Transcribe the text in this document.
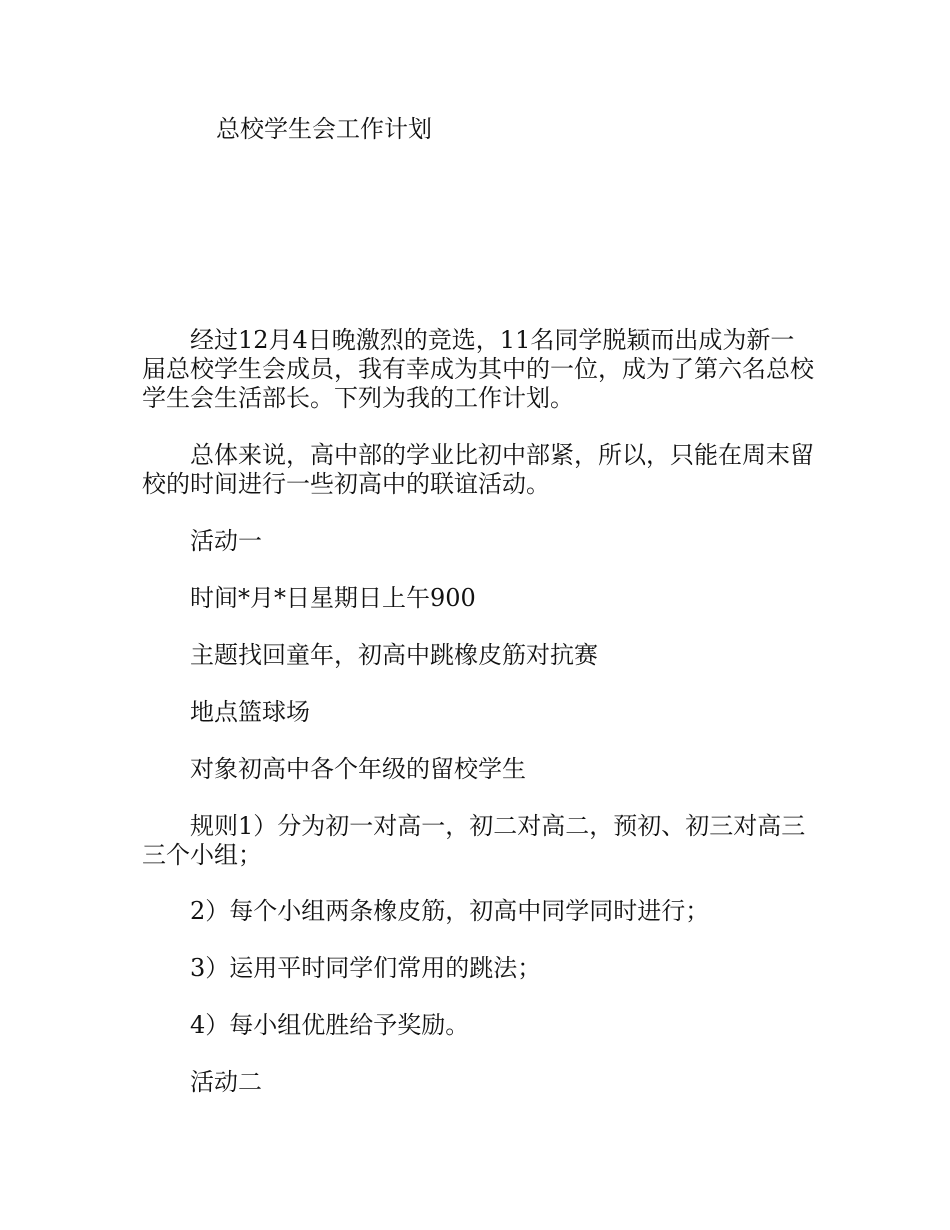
总校学生会工作计划

经过12月4日晚激烈的竞选，11名同学脱颖而出成为新一届总校学生会成员，我有幸成为其中的一位，成为了第六名总校学生会生活部长。下列为我的工作计划。

总体来说，高中部的学业比初中部紧，所以，只能在周末留校的时间进行一些初高中的联谊活动。

活动一

时间*月*日星期日上午900

主题找回童年，初高中跳橡皮筋对抗赛

地点篮球场

对象初高中各个年级的留校学生

规则1）分为初一对高一，初二对高二，预初、初三对高三三个小组；

2）每个小组两条橡皮筋，初高中同学同时进行；

3）运用平时同学们常用的跳法；

4）每小组优胜给予奖励。

活动二
